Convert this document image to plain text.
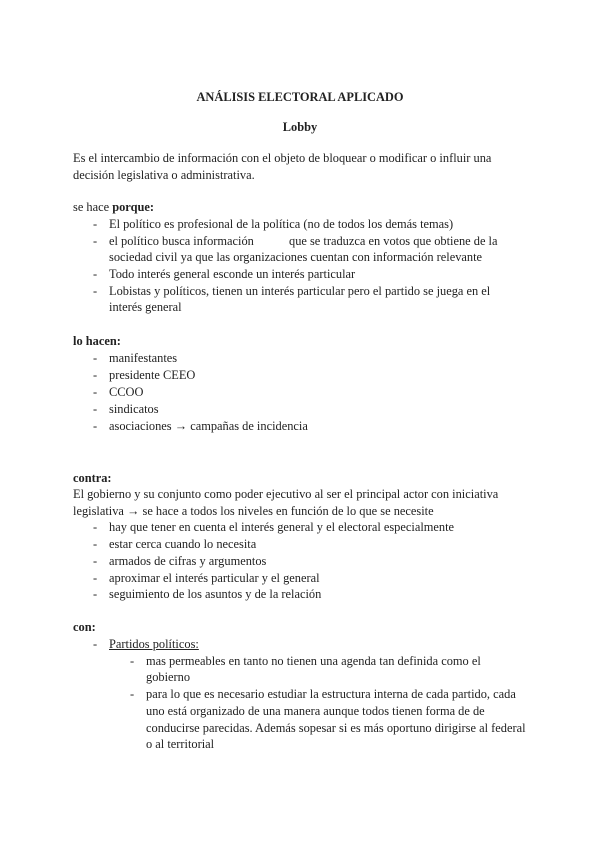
ANÁLISIS ELECTORAL APLICADO
Lobby
Es el intercambio de información con el objeto de bloquear o modificar o influir una
decisión legislativa o administrativa.
se hace porque:
- El político es profesional de la política (no de todos los demás temas)
- el político busca información	que se traduzca en votos que obtiene de la
sociedad civil ya que las organizaciones cuentan con información relevante
- Todo interés general esconde un interés particular
- Lobistas y políticos, tienen un interés particular pero el partido se juega en el
interés general
lo hacen:
- manifestantes
- presidente CEEO
- CCOO
- sindicatos
- asociaciones → campañas de incidencia
contra:
El gobierno y su conjunto como poder ejecutivo al ser el principal actor con iniciativa
legislativa → se hace a todos los niveles en función de lo que se necesite
- hay que tener en cuenta el interés general y el electoral especialmente
- estar cerca cuando lo necesita
- armados de cifras y argumentos
- aproximar el interés particular y el general
- seguimiento de los asuntos y de la relación
con:
- Partidos políticos:
- mas permeables en tanto no tienen una agenda tan definida como el
gobierno
- para lo que es necesario estudiar la estructura interna de cada partido, cada
uno está organizado de una manera aunque todos tienen forma de de
conducirse parecidas. Además sopesar si es más oportuno dirigirse al federal
o al territorial
